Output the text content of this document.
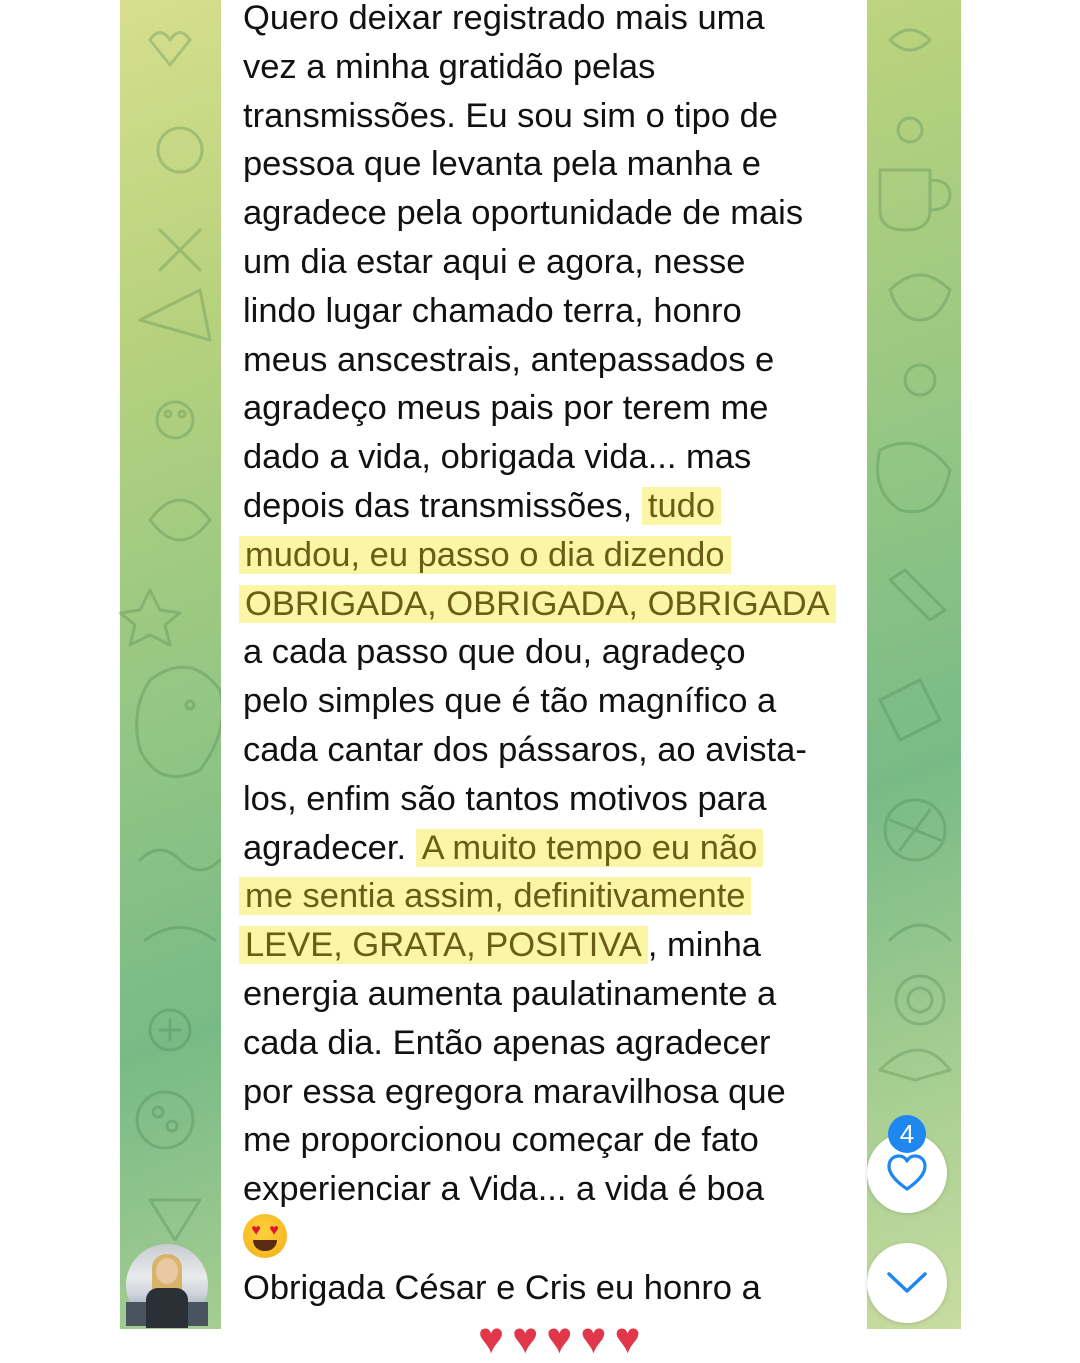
Quero deixar registrado mais uma

vez a minha gratidão pelas

transmissões. Eu sou sim o tipo de

pessoa que levanta pela manha e

agradece pela oportunidade de mais

um dia estar aqui e agora, nesse

lindo lugar chamado terra, honro

meus anscestrais, antepassados e

agradeço meus pais por terem me

dado a vida, obrigada vida... mas

depois das transmissões, tudo

mudou, eu passo o dia dizendo

OBRIGADA, OBRIGADA, OBRIGADA

a cada passo que dou, agradeço

pelo simples que é tão magnífico a

cada cantar dos pássaros, ao avista-

los, enfim são tantos motivos para

agradecer. A muito tempo eu não

me sentia assim, definitivamente

LEVE, GRATA, POSITIVA , minha

energia aumenta paulatinamente a

cada dia. Então apenas agradecer

por essa egregora maravilhosa que

me proporcionou começar de fato

experienciar a Vida... a vida é boa

♥ ♥

Obrigada César e Cris eu honro a

♥ ♥ ♥ ♥ ♥
4
